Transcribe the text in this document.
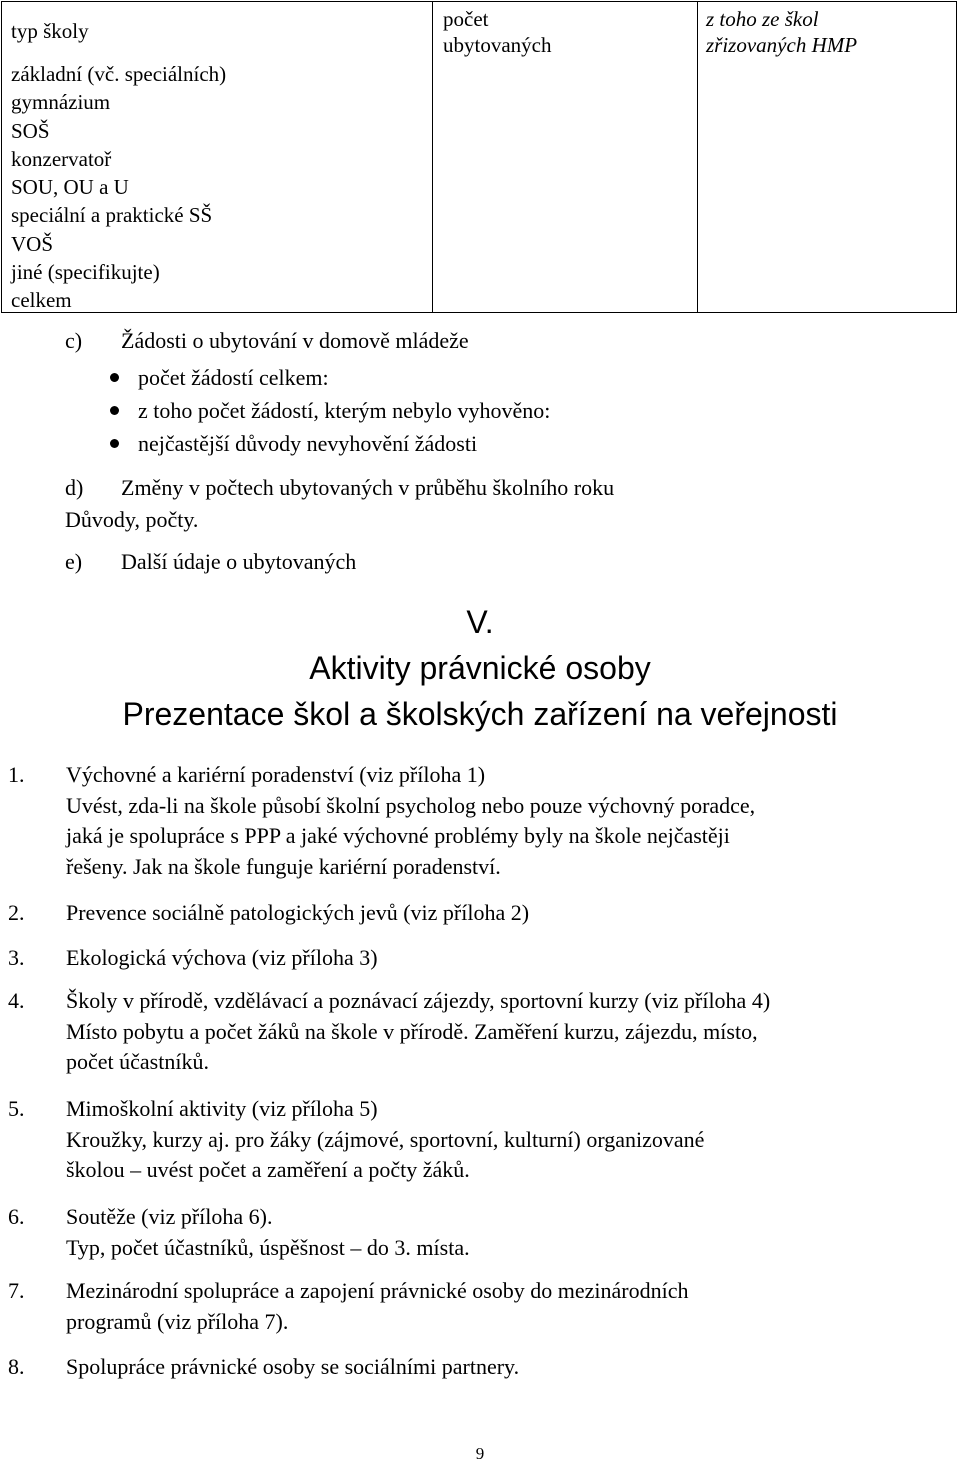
typ školy
základní (vč. speciálních)
gymnázium
SOŠ
konzervatoř
SOU, OU a U
speciální a praktické SŠ
VOŠ
jiné (specifikujte)
celkem
počet
ubytovaných
z toho ze škol
zřizovaných HMP
c) Žádosti o ubytování v domově mládeže
počet žádostí celkem:
z toho počet žádostí, kterým nebylo vyhověno:
nejčastější důvody nevyhovění žádosti
d) Změny v počtech ubytovaných v průběhu školního roku
Důvody, počty.
e) Další údaje o ubytovaných
V.
Aktivity právnické osoby
Prezentace škol a školských zařízení na veřejnosti
1. Výchovné a kariérní poradenství (viz příloha 1)
Uvést, zda-li na škole působí školní psycholog nebo pouze výchovný poradce,
jaká je spolupráce s PPP a jaké výchovné problémy byly na škole nejčastěji
řešeny. Jak na škole funguje kariérní poradenství.
2. Prevence sociálně patologických jevů (viz příloha 2)
3. Ekologická výchova (viz příloha 3)
4. Školy v přírodě, vzdělávací a poznávací zájezdy, sportovní kurzy (viz příloha 4)
Místo pobytu a počet žáků na škole v přírodě. Zaměření kurzu, zájezdu, místo,
počet účastníků.
5. Mimoškolní aktivity (viz příloha 5)
Kroužky, kurzy aj. pro žáky (zájmové, sportovní, kulturní) organizované
školou – uvést počet a zaměření a počty žáků.
6. Soutěže (viz příloha 6).
Typ, počet účastníků, úspěšnost – do 3. místa.
7. Mezinárodní spolupráce a zapojení právnické osoby do mezinárodních
programů (viz příloha 7).
8. Spolupráce právnické osoby se sociálními partnery.
9
